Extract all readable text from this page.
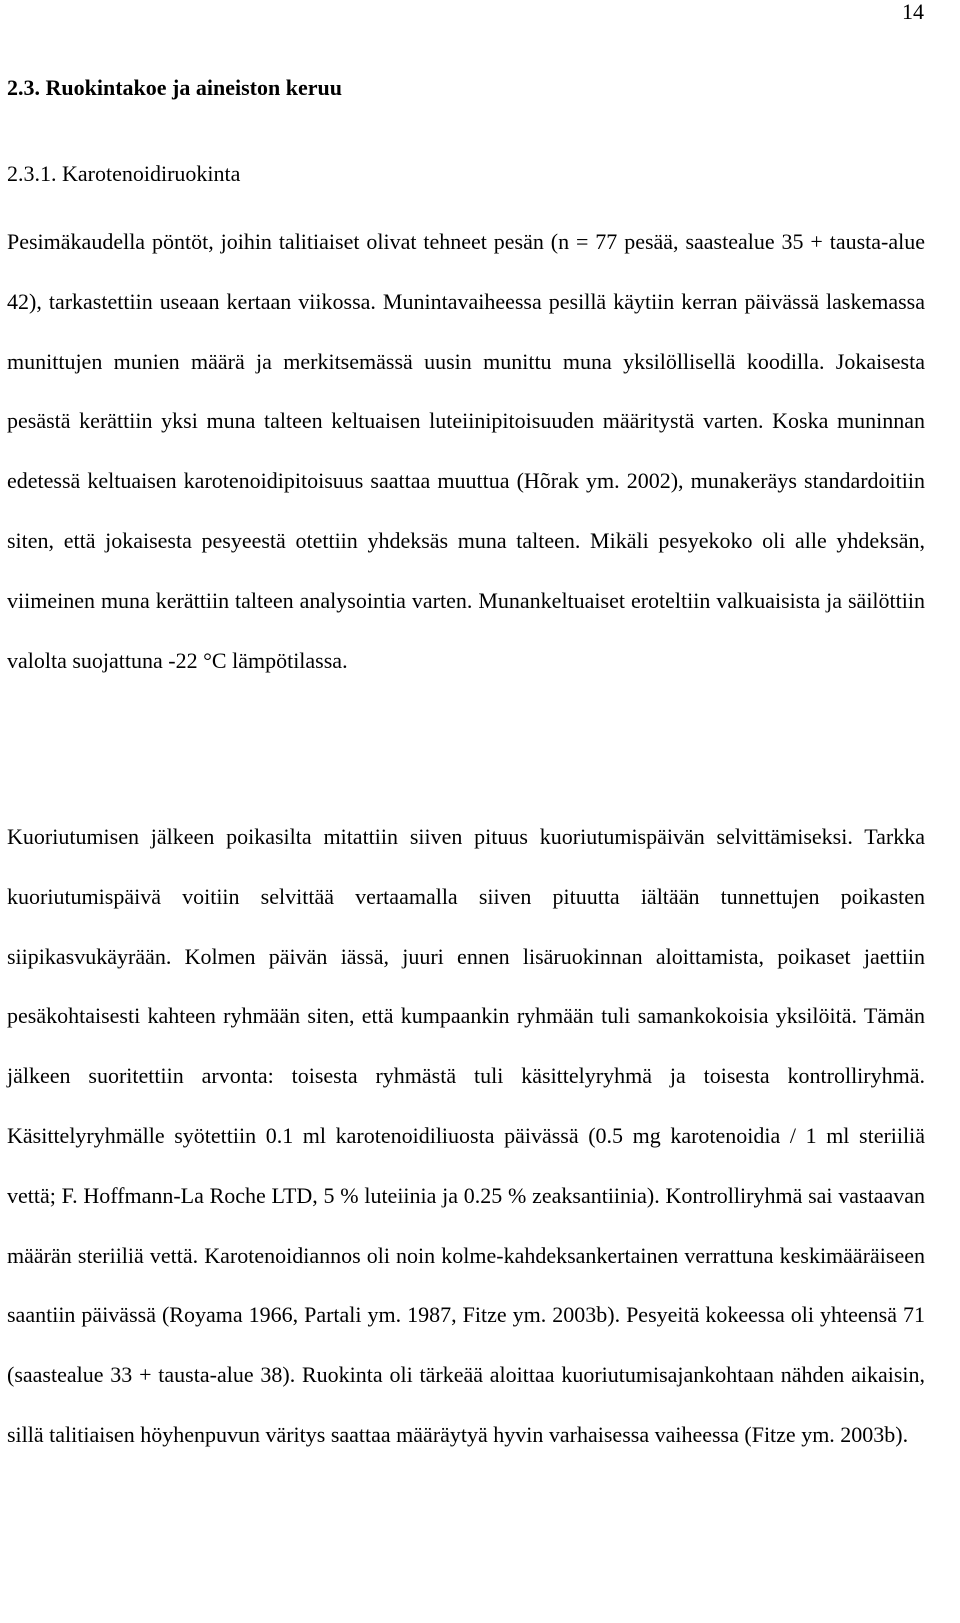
14
2.3. Ruokintakoe ja aineiston keruu
2.3.1. Karotenoidiruokinta

Pesimäkaudella pöntöt, joihin talitiaiset olivat tehneet pesän (n = 77 pesää, saastealue 35 + tausta-alue 42), tarkastettiin useaan kertaan viikossa. Munintavaiheessa pesillä käytiin kerran päivässä laskemassa munittujen munien määrä ja merkitsemässä uusin munittu muna yksilöllisellä koodilla. Jokaisesta pesästä kerättiin yksi muna talteen keltuaisen luteiinipitoisuuden määritystä varten. Koska muninnan edetessä keltuaisen karotenoidipitoisuus saattaa muuttua (Hõrak ym. 2002), munakeräys standardoitiin siten, että jokaisesta pesyeestä otettiin yhdeksäs muna talteen. Mikäli pesyekoko oli alle yhdeksän, viimeinen muna kerättiin talteen analysointia varten. Munankeltuaiset eroteltiin valkuaisista ja säilöttiin valolta suojattuna -22 °C lämpötilassa.

Kuoriutumisen jälkeen poikasilta mitattiin siiven pituus kuoriutumispäivän selvittämiseksi. Tarkka kuoriutumispäivä voitiin selvittää vertaamalla siiven pituutta iältään tunnettujen poikasten siipikasvukäyrään. Kolmen päivän iässä, juuri ennen lisäruokinnan aloittamista, poikaset jaettiin pesäkohtaisesti kahteen ryhmään siten, että kumpaankin ryhmään tuli samankokoisia yksilöitä. Tämän jälkeen suoritettiin arvonta: toisesta ryhmästä tuli käsittelyryhmä ja toisesta kontrolliryhmä. Käsittelyryhmälle syötettiin 0.1 ml karotenoidiliuosta päivässä (0.5 mg karotenoidia / 1 ml steriiliä vettä; F. Hoffmann-La Roche LTD, 5 % luteiinia ja 0.25 % zeaksantiinia). Kontrolliryhmä sai vastaavan määrän steriiliä vettä. Karotenoidiannos oli noin kolme-kahdeksankertainen verrattuna keskimääräiseen saantiin päivässä (Royama 1966, Partali ym. 1987, Fitze ym. 2003b). Pesyeitä kokeessa oli yhteensä 71 (saastealue 33 + tausta-alue 38). Ruokinta oli tärkeää aloittaa kuoriutumisajankohtaan nähden aikaisin, sillä talitiaisen höyhenpuvun väritys saattaa määräytyä hyvin varhaisessa vaiheessa (Fitze ym. 2003b).
